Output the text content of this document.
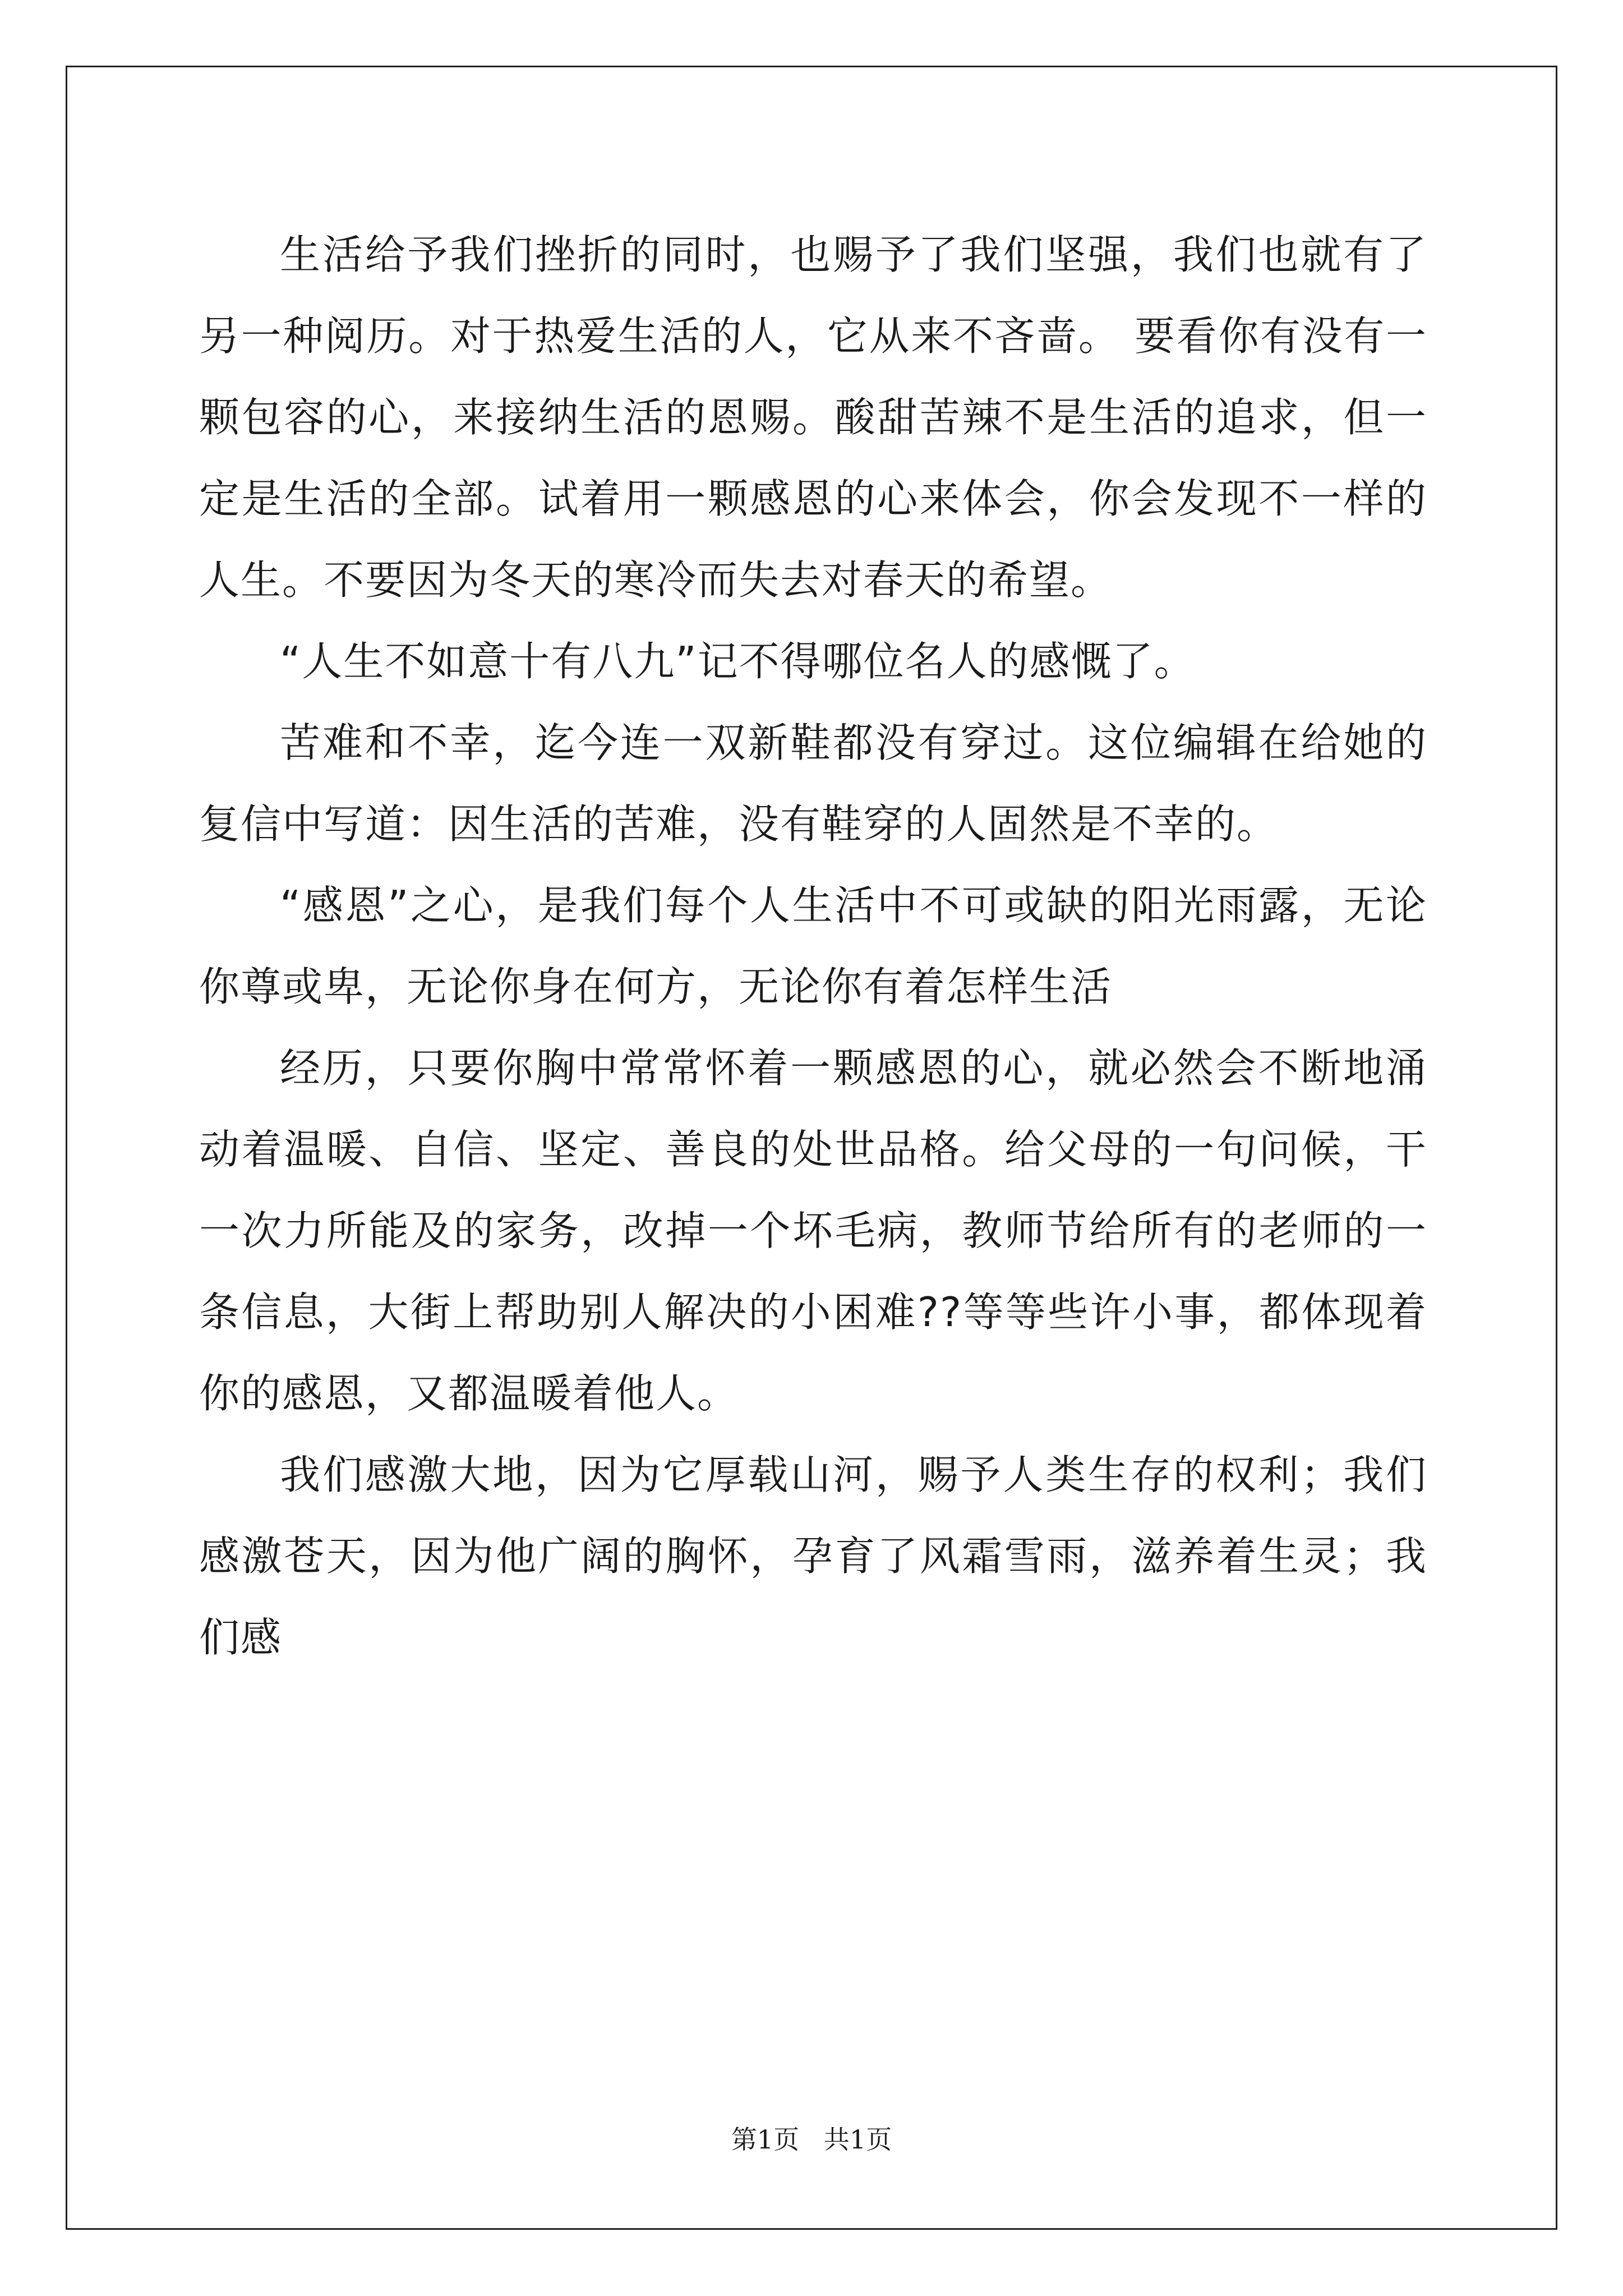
生活给予我们挫折的同时，也赐予了我们坚强，我们也就有了另一种阅历。对于热爱生活的人，它从来不吝啬。 要看你有没有一颗包容的心，来接纳生活的恩赐。酸甜苦辣不是生活的追求，但一定是生活的全部。试着用一颗感恩的心来体会，你会发现不一样的人生。不要因为冬天的寒冷而失去对春天的希望。

“人生不如意十有八九”记不得哪位名人的感慨了。

苦难和不幸，迄今连一双新鞋都没有穿过。这位编辑在给她的复信中写道：因生活的苦难，没有鞋穿的人固然是不幸的。

“感恩”之心，是我们每个人生活中不可或缺的阳光雨露，无论你尊或卑，无论你身在何方，无论你有着怎样生活

经历，只要你胸中常常怀着一颗感恩的心，就必然会不断地涌动着温暖、自信、坚定、善良的处世品格。给父母的一句问候，干一次力所能及的家务，改掉一个坏毛病，教师节给所有的老师的一条信息，大街上帮助别人解决的小困难??等等些许小事，都体现着你的感恩，又都温暖着他人。

我们感激大地，因为它厚载山河，赐予人类生存的权利；我们感激苍天，因为他广阔的胸怀，孕育了风霜雪雨，滋养着生灵；我们感

第1页   共1页
